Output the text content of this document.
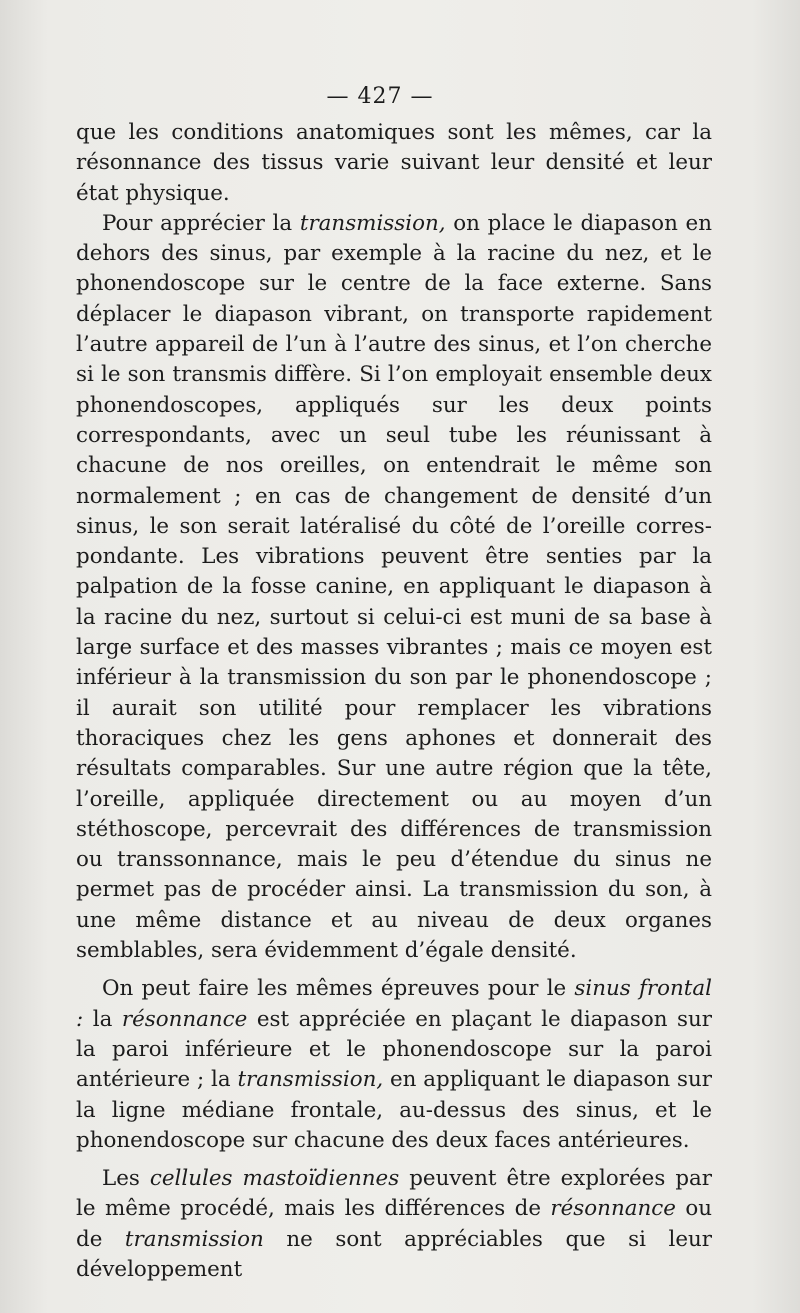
— 427 —

que les conditions anatomiques sont les mêmes, car la résonnance des tissus varie suivant leur densité et leur état physique.

Pour apprécier la transmission, on place le diapason en dehors des sinus, par exemple à la racine du nez, et le phonendoscope sur le centre de la face externe. Sans déplacer le diapason vibrant, on transporte rapidement l’autre appareil de l’un à l’autre des sinus, et l’on cherche si le son transmis diffère. Si l’on employait ensemble deux phonendoscopes, appliqués sur les deux points correspondants, avec un seul tube les réunissant à chacune de nos oreilles, on entendrait le même son normalement ; en cas de changement de densité d’un sinus, le son serait latéralisé du côté de l’oreille correspondante. Les vibrations peuvent être senties par la palpation de la fosse canine, en appliquant le diapason à la racine du nez, surtout si celui-ci est muni de sa base à large surface et des masses vibrantes ; mais ce moyen est inférieur à la transmission du son par le phonendoscope ; il aurait son utilité pour remplacer les vibrations thoraciques chez les gens aphones et donnerait des résultats comparables. Sur une autre région que la tête, l’oreille, appliquée directement ou au moyen d’un stéthoscope, percevrait des différences de transmission ou transsonnance, mais le peu d’étendue du sinus ne permet pas de procéder ainsi. La transmission du son, à une même distance et au niveau de deux organes semblables, sera évidemment d’égale densité.

On peut faire les mêmes épreuves pour le sinus frontal : la résonnance est appréciée en plaçant le diapason sur la paroi inférieure et le phonendoscope sur la paroi antérieure ; la transmission, en appliquant le diapason sur la ligne médiane frontale, au-dessus des sinus, et le phonendoscope sur chacune des deux faces antérieures.

Les cellules mastoïdiennes peuvent être explorées par le même procédé, mais les différences de résonnance ou de transmission ne sont appréciables que si leur développement
